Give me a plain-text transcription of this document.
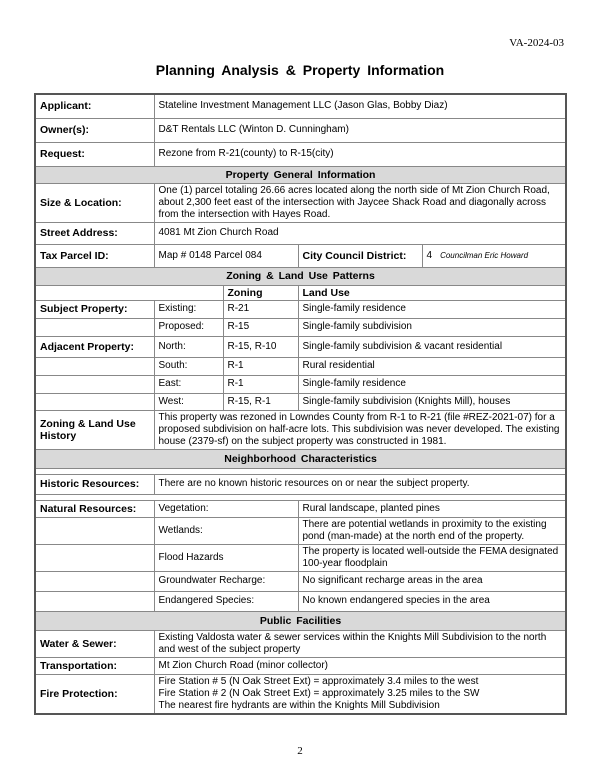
VA-2024-03
Planning Analysis & Property Information
Applicant:	Stateline Investment Management LLC (Jason Glas, Bobby Diaz)			
Owner(s):	D&T Rentals LLC (Winton D. Cunningham)			
Request:	Rezone from R-21(county) to R-15(city)			
Property General Information				
Size & Location:	One (1) parcel totaling 26.66 acres located along the north side of Mt Zion Church Road, about 2,300 feet east of the intersection with Jaycee Shack Road and diagonally across from the intersection with Hayes Road.			
Street Address:	4081 Mt Zion Church Road			
Tax Parcel ID:	Map # 0148 Parcel 084		City Council District:	4 Councilman Eric Howard
Zoning & Land Use Patterns				
		Zoning	Land Use	
Subject Property:	Existing:	R-21	Single-family residence	
	Proposed:	R-15	Single-family subdivision	
Adjacent Property:	North:	R-15, R-10	Single-family subdivision & vacant residential	
	South:	R-1	Rural residential	
	East:	R-1	Single-family residence	
	West:	R-15, R-1	Single-family subdivision (Knights Mill), houses	
Zoning & Land Use History	This property was rezoned in Lowndes County from R-1 to R-21 (file #REZ-2021-07) for a proposed subdivision on half-acre lots. This subdivision was never developed. The existing house (2379-sf) on the subject property was constructed in 1981.			
Neighborhood Characteristics				

Historic Resources:	There are no known historic resources on or near the subject property.			

Natural Resources:	Vegetation:		Rural landscape, planted pines	
	Wetlands:		There are potential wetlands in proximity to the existing pond (man-made) at the north end of the property.	
	Flood Hazards		The property is located well-outside the FEMA designated 100-year floodplain	
	Groundwater Recharge:		No significant recharge areas in the area	
	Endangered Species:		No known endangered species in the area	
Public Facilities				
Water & Sewer:	Existing Valdosta water & sewer services within the Knights Mill Subdivision to the north and west of the subject property			
Transportation:	Mt Zion Church Road (minor collector)			
Fire Protection:	Fire Station # 5 (N Oak Street Ext) = approximately 3.4 miles to the west
Fire Station # 2 (N Oak Street Ext) = approximately 3.25 miles to the SW
The nearest fire hydrants are within the Knights Mill Subdivision			
2
